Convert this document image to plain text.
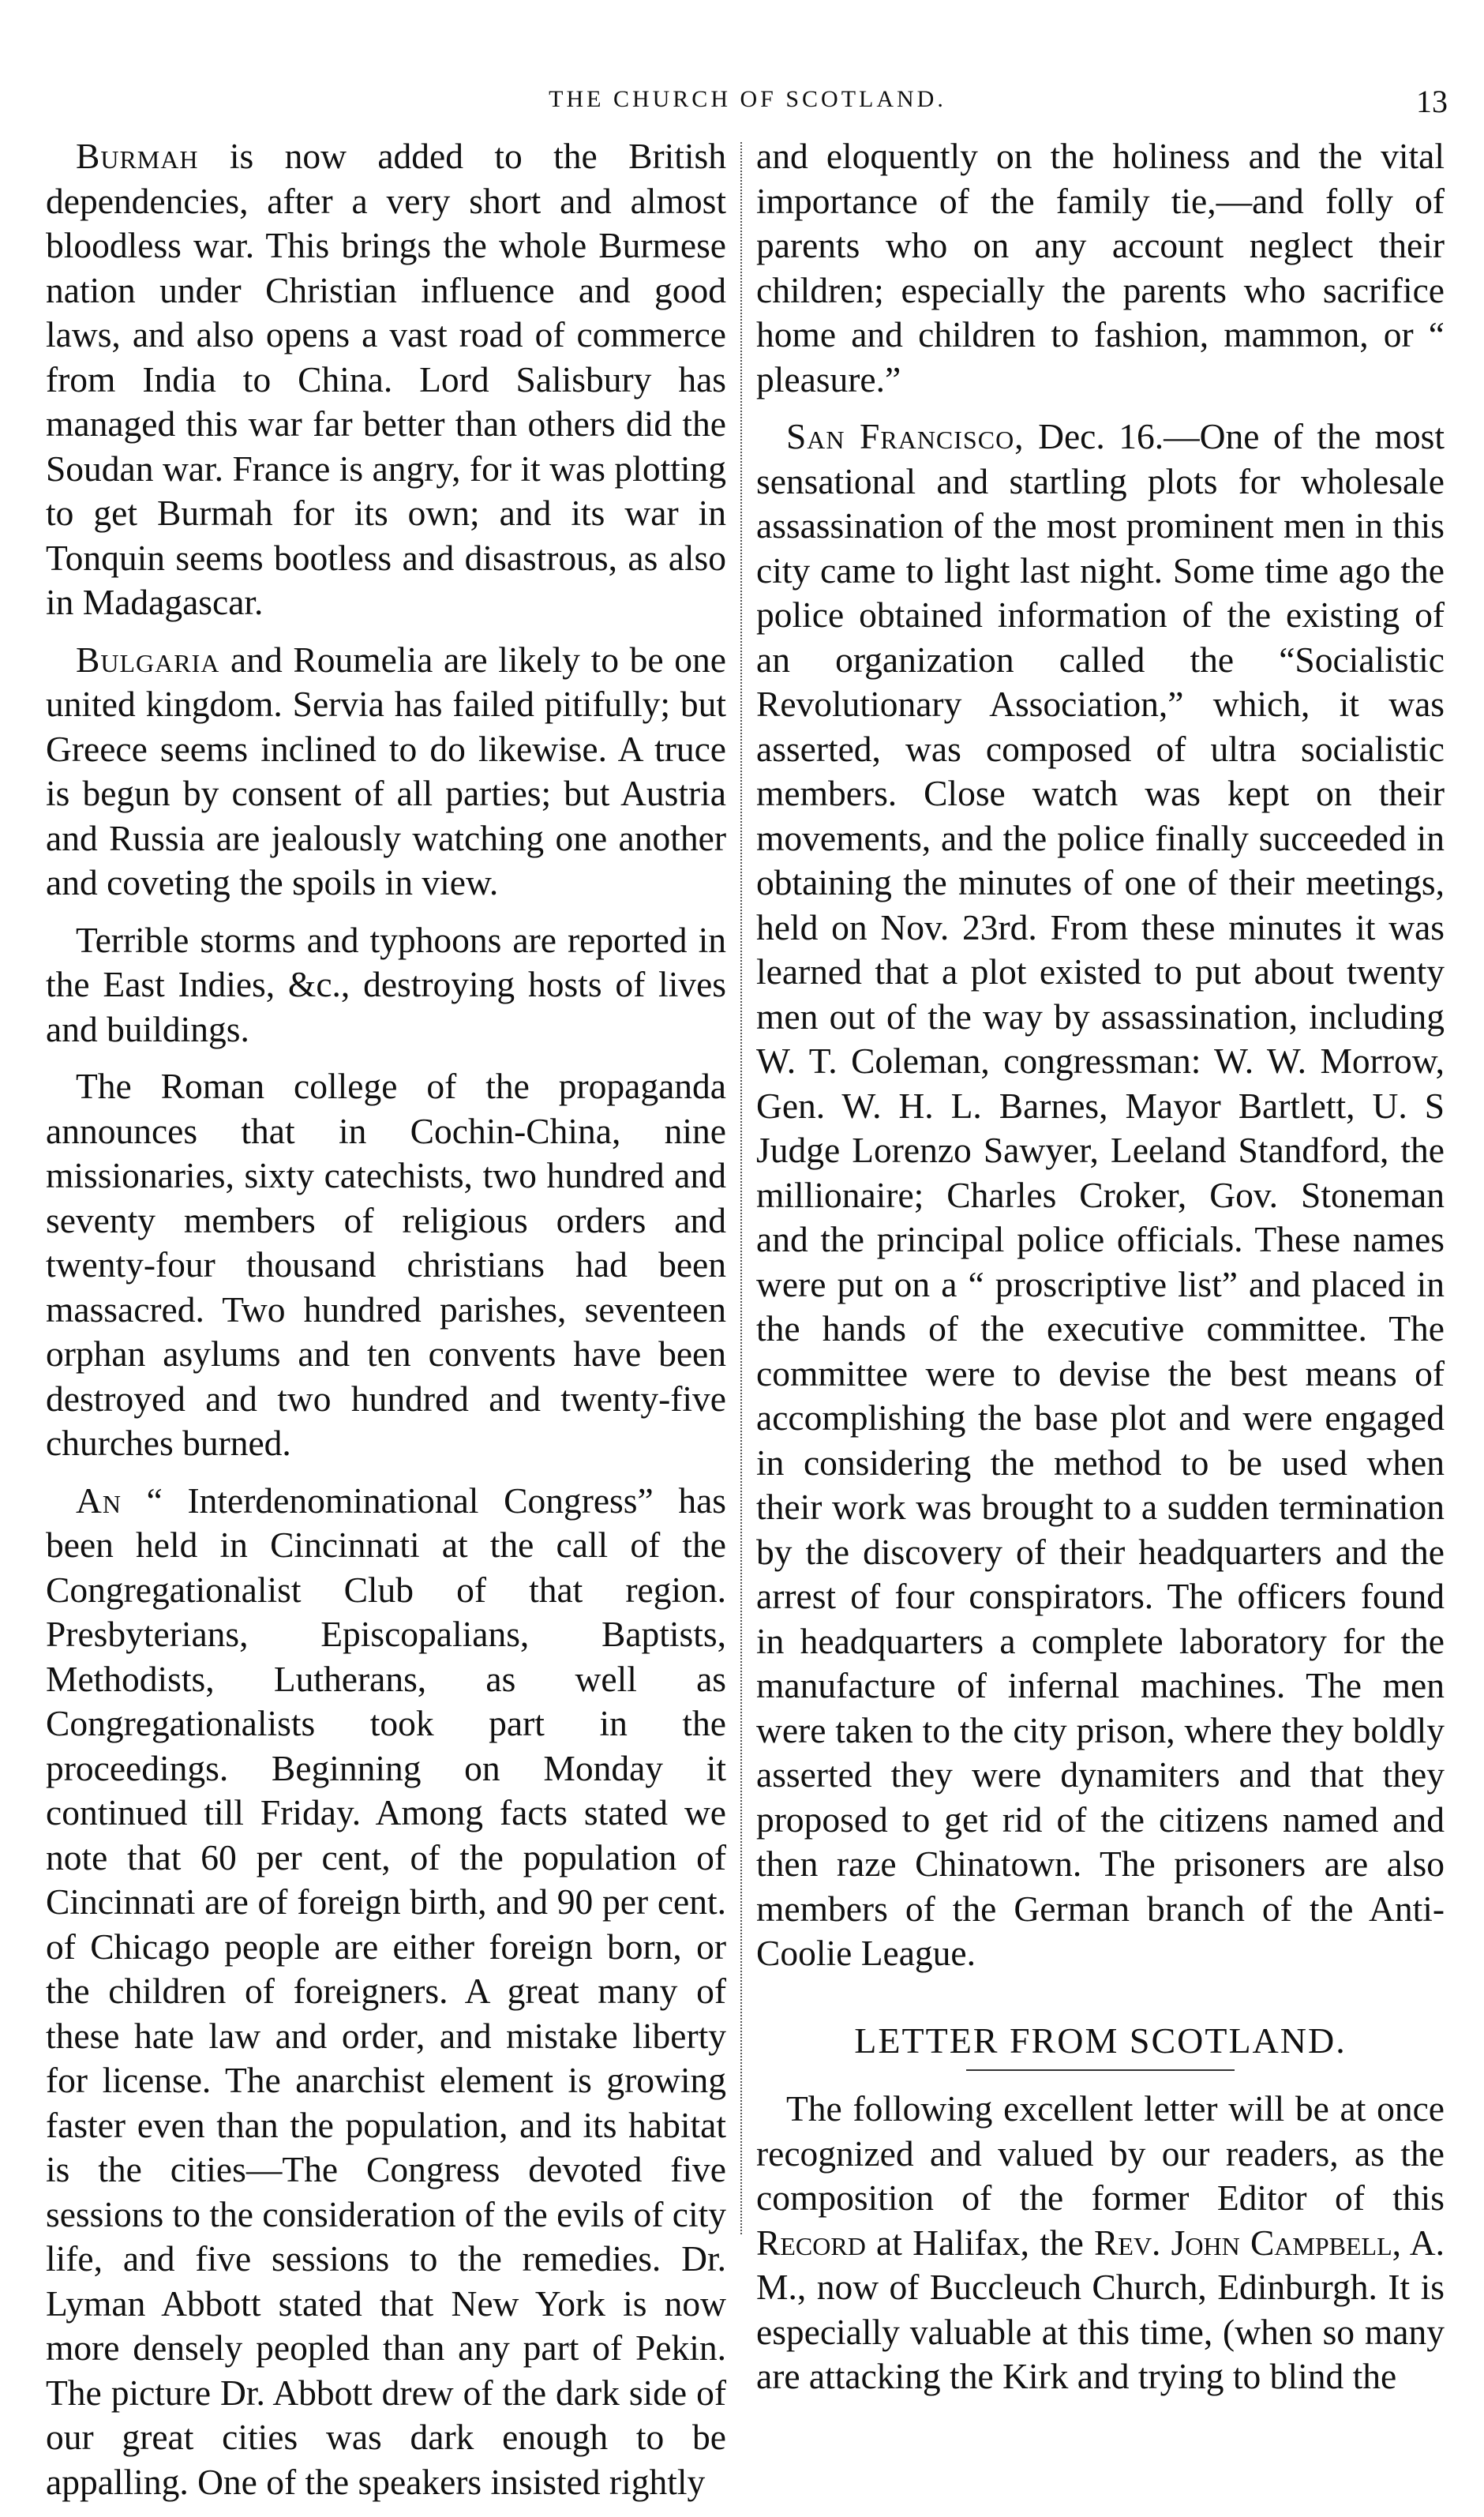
THE CHURCH OF SCOTLAND.	13

Burmah is now added to the British dependencies, after a very short and almost bloodless war. This brings the whole Burmese nation under Christian influence and good laws, and also opens a vast road of commerce from India to China. Lord Salisbury has managed this war far better than others did the Soudan war. France is angry, for it was plotting to get Burmah for its own; and its war in Tonquin seems bootless and disastrous, as also in Madagascar.

Bulgaria and Roumelia are likely to be one united kingdom. Servia has failed pitifully; but Greece seems inclined to do likewise. A truce is begun by consent of all parties; but Austria and Russia are jealously watching one another and coveting the spoils in view.

Terrible storms and typhoons are reported in the East Indies, &c., destroying hosts of lives and buildings.

The Roman college of the propaganda announces that in Cochin-China, nine missionaries, sixty catechists, two hundred and seventy members of religious orders and twenty-four thousand christians had been massacred. Two hundred parishes, seventeen orphan asylums and ten convents have been destroyed and two hundred and twenty-five churches burned.

An “ Interdenominational Congress” has been held in Cincinnati at the call of the Congregationalist Club of that region. Presbyterians, Episcopalians, Baptists, Methodists, Lutherans, as well as Congregationalists took part in the proceedings. Beginning on Monday it continued till Friday. Among facts stated we note that 60 per cent, of the population of Cincinnati are of foreign birth, and 90 per cent. of Chicago people are either foreign born, or the children of foreigners. A great many of these hate law and order, and mistake liberty for license. The anarchist element is growing faster even than the population, and its habitat is the cities—The Congress devoted five sessions to the consideration of the evils of city life, and five sessions to the remedies. Dr. Lyman Abbott stated that New York is now more densely peopled than any part of Pekin. The picture Dr. Abbott drew of the dark side of our great cities was dark enough to be appalling. One of the speakers insisted rightly

and eloquently on the holiness and the vital importance of the family tie,—and folly of parents who on any account neglect their children; especially the parents who sacrifice home and children to fashion, mammon, or “ pleasure.”

San Francisco, Dec. 16.—One of the most sensational and startling plots for wholesale assassination of the most prominent men in this city came to light last night. Some time ago the police obtained information of the existing of an organization called the “Socialistic Revolutionary Association,” which, it was asserted, was composed of ultra socialistic members. Close watch was kept on their movements, and the police finally succeeded in obtaining the minutes of one of their meetings, held on Nov. 23rd. From these minutes it was learned that a plot existed to put about twenty men out of the way by assassination, including W. T. Coleman, congressman: W. W. Morrow, Gen. W. H. L. Barnes, Mayor Bartlett, U. S Judge Lorenzo Sawyer, Leeland Standford, the millionaire; Charles Croker, Gov. Stoneman and the principal police officials. These names were put on a “ proscriptive list” and placed in the hands of the executive committee. The committee were to devise the best means of accomplishing the base plot and were engaged in considering the method to be used when their work was brought to a sudden termination by the discovery of their headquarters and the arrest of four conspirators. The officers found in headquarters a complete laboratory for the manufacture of infernal machines. The men were taken to the city prison, where they boldly asserted they were dynamiters and that they proposed to get rid of the citizens named and then raze Chinatown. The prisoners are also members of the German branch of the Anti-Coolie League.

LETTER FROM SCOTLAND.

The following excellent letter will be at once recognized and valued by our readers, as the composition of the former Editor of this Record at Halifax, the Rev. John Campbell, A. M., now of Buccleuch Church, Edinburgh. It is especially valuable at this time, (when so many are attacking the Kirk and trying to blind the
